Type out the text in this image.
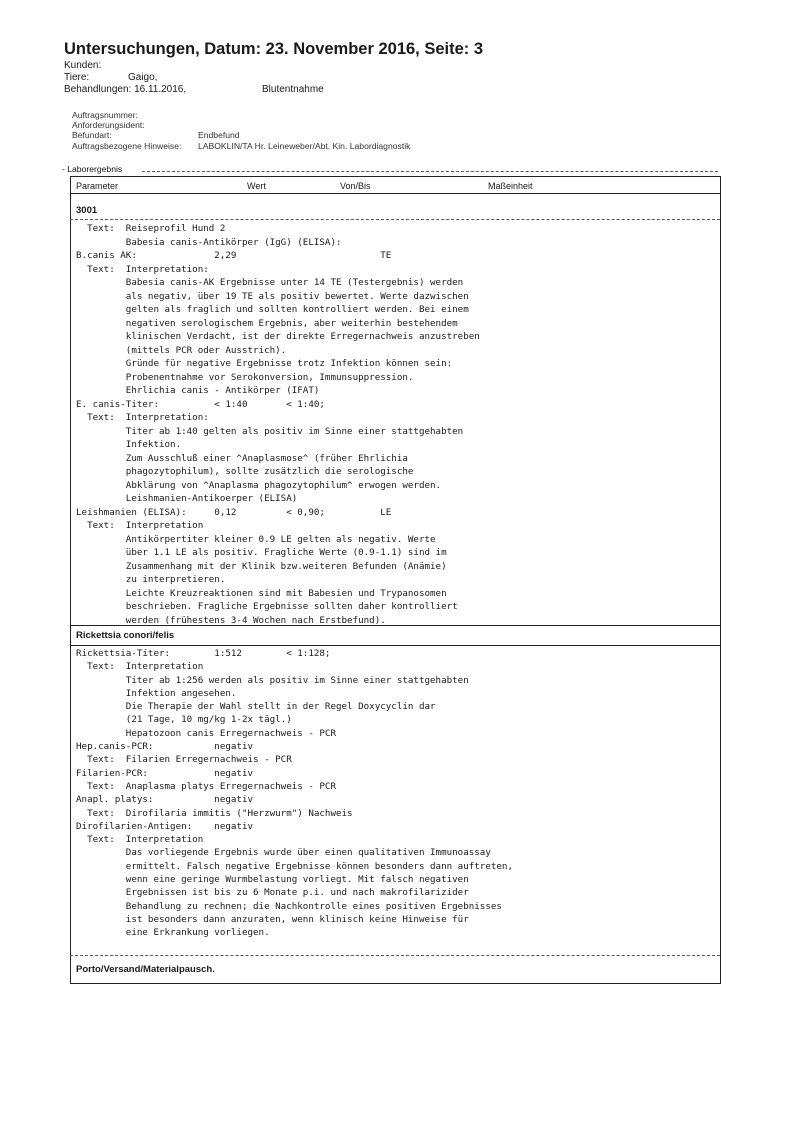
Untersuchungen, Datum: 23. November 2016, Seite: 3
Kunden:
Tiere:	Gaigo,
Behandlungen: 16.11.2016,	Blutentnahme
Auftragsnummer:
Anforderungsident:
Befundart:	Endbefund
Auftragsbezogene Hinweise: LABOKLIN/TA Hr. Leineweber/Abt. Kin. Labordiagnostik
- Laborergebnis
Parameter	Wert	Von/Bis	Maßeinheit
3001
Text:  Reiseprofil Hund 2
Babesia canis-Antikörper (IgG) (ELISA):
B.canis AK:              2,29                          TE
Text:  Interpretation:
Babesia canis-AK Ergebnisse unter 14 TE (Testergebnis) werden
als negativ, über 19 TE als positiv bewertet. Werte dazwischen
gelten als fraglich und sollten kontrolliert werden. Bei einem
negativen serologischem Ergebnis, aber weiterhin bestehendem
klinischen Verdacht, ist der direkte Erregernachweis anzustreben
(mittels PCR oder Ausstrich).
Gründe für negative Ergebnisse trotz Infektion können sein:
Probenentnahme vor Serokonversion, Immunsuppression.
Ehrlichia canis - Antikörper (IFAT)
E. canis-Titer:          < 1:40       < 1:40;
Text:  Interpretation:
Titer ab 1:40 gelten als positiv im Sinne einer stattgehabten
Infektion.
Zum Ausschluß einer ^Anaplasmose^ (früher Ehrlichia
phagozytophilum), sollte zusätzlich die serologische
Abklärung von ^Anaplasma phagozytophilum^ erwogen werden.
Leishmanien-Antikoerper (ELISA)
Leishmanien (ELISA):     0,12         < 0,90;          LE
Text:  Interpretation
Antikörpertiter kleiner 0.9 LE gelten als negativ. Werte
über 1.1 LE als positiv. Fragliche Werte (0.9-1.1) sind im
Zusammenhang mit der Klinik bzw.weiteren Befunden (Anämie)
zu interpretieren.
Leichte Kreuzreaktionen sind mit Babesien und Trypanosomen
beschrieben. Fragliche Ergebnisse sollten daher kontrolliert
werden (frühestens 3-4 Wochen nach Erstbefund).
Rickettsia conori/felis
Rickettsia-Titer:        1:512        < 1:128;
Text:  Interpretation
Titer ab 1:256 werden als positiv im Sinne einer stattgehabten
Infektion angesehen.
Die Therapie der Wahl stellt in der Regel Doxycyclin dar
(21 Tage, 10 mg/kg 1-2x tägl.)
Hepatozoon canis Erregernachweis - PCR
Hep.canis-PCR:           negativ
Text:  Filarien Erregernachweis - PCR
Filarien-PCR:            negativ
Text:  Anaplasma platys Erregernachweis - PCR
Anapl. platys:           negativ
Text:  Dirofilaria immitis ("Herzwurm") Nachweis
Dirofilarien-Antigen:    negativ
Text:  Interpretation
Das vorliegende Ergebnis wurde über einen qualitativen Immunoassay
ermittelt. Falsch negative Ergebnisse können besonders dann auftreten,
wenn eine geringe Wurmbelastung vorliegt. Mit falsch negativen
Ergebnissen ist bis zu 6 Monate p.i. und nach makrofilarizider
Behandlung zu rechnen; die Nachkontrolle eines positiven Ergebnisses
ist besonders dann anzuraten, wenn klinisch keine Hinweise für
eine Erkrankung vorliegen.
Porto/Versand/Materialpausch.
